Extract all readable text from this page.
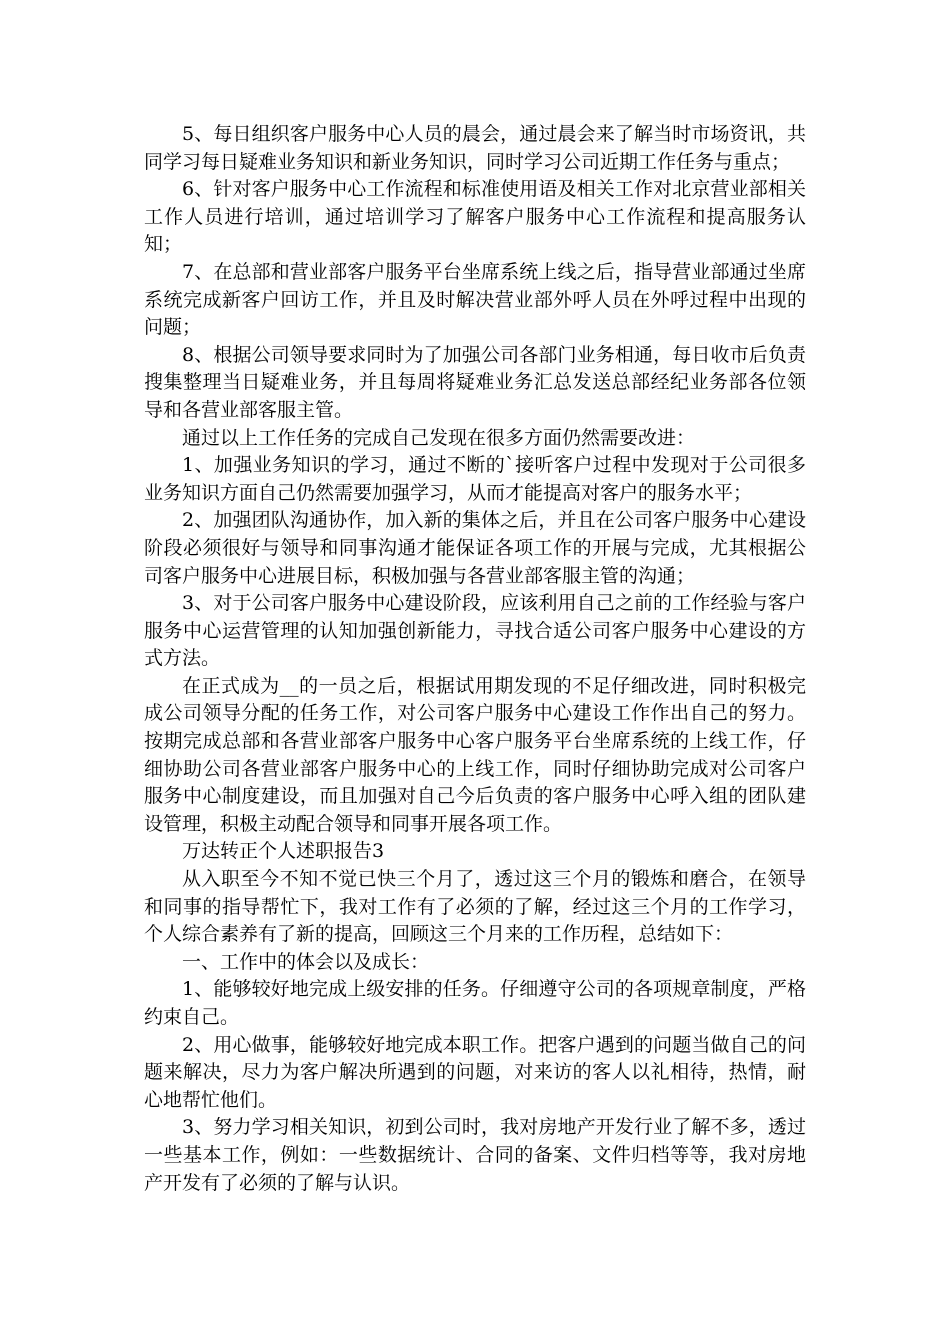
5、每日组织客户服务中心人员的晨会，通过晨会来了解当时市场资讯，共同学习每日疑难业务知识和新业务知识，同时学习公司近期工作任务与重点；

6、针对客户服务中心工作流程和标准使用语及相关工作对北京营业部相关工作人员进行培训，通过培训学习了解客户服务中心工作流程和提高服务认知；

7、在总部和营业部客户服务平台坐席系统上线之后，指导营业部通过坐席系统完成新客户回访工作，并且及时解决营业部外呼人员在外呼过程中出现的问题；

8、根据公司领导要求同时为了加强公司各部门业务相通，每日收市后负责搜集整理当日疑难业务，并且每周将疑难业务汇总发送总部经纪业务部各位领导和各营业部客服主管。

通过以上工作任务的完成自己发现在很多方面仍然需要改进：

1、加强业务知识的学习，通过不断的`接听客户过程中发现对于公司很多业务知识方面自己仍然需要加强学习，从而才能提高对客户的服务水平；

2、加强团队沟通协作，加入新的集体之后，并且在公司客户服务中心建设阶段必须很好与领导和同事沟通才能保证各项工作的开展与完成，尤其根据公司客户服务中心进展目标，积极加强与各营业部客服主管的沟通；

3、对于公司客户服务中心建设阶段，应该利用自己之前的工作经验与客户服务中心运营管理的认知加强创新能力，寻找合适公司客户服务中心建设的方式方法。

在正式成为__的一员之后，根据试用期发现的不足仔细改进，同时积极完成公司领导分配的任务工作，对公司客户服务中心建设工作作出自己的努力。按期完成总部和各营业部客户服务中心客户服务平台坐席系统的上线工作，仔细协助公司各营业部客户服务中心的上线工作，同时仔细协助完成对公司客户服务中心制度建设，而且加强对自己今后负责的客户服务中心呼入组的团队建设管理，积极主动配合领导和同事开展各项工作。

万达转正个人述职报告3

从入职至今不知不觉已快三个月了，透过这三个月的锻炼和磨合，在领导和同事的指导帮忙下，我对工作有了必须的了解，经过这三个月的工作学习，个人综合素养有了新的提高，回顾这三个月来的工作历程，总结如下：

一、工作中的体会以及成长：

1、能够较好地完成上级安排的任务。仔细遵守公司的各项规章制度，严格约束自己。

2、用心做事，能够较好地完成本职工作。把客户遇到的问题当做自己的问题来解决，尽力为客户解决所遇到的问题，对来访的客人以礼相待，热情，耐心地帮忙他们。

3、努力学习相关知识，初到公司时，我对房地产开发行业了解不多，透过一些基本工作，例如：一些数据统计、合同的备案、文件归档等等，我对房地产开发有了必须的了解与认识。
